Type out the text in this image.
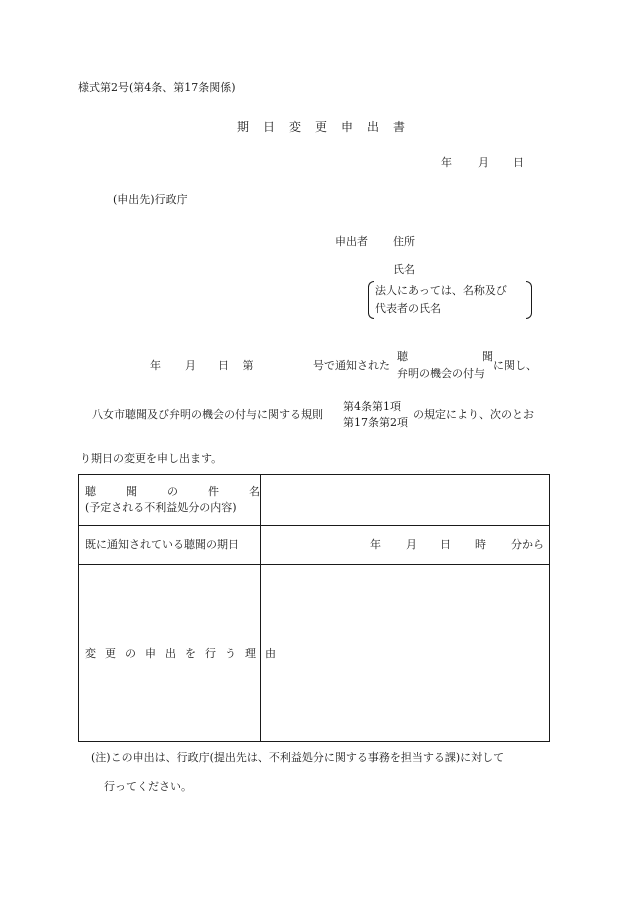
様式第2号(第4条、第17条関係)
期日変更申出書
年 月 日
(申出先)行政庁
申出者 住所
氏名
法人にあっては、名称及び
代表者の氏名
年 月 日 第	号で通知された
聴	聞
弁明の機会の付与
に関し、
八女市聴聞及び弁明の機会の付与に関する規則
第4条第1項
第17条第2項
の規定により、次のとお
り期日の変更を申し出ます。
聴聞の件名
(予定される不利益処分の内容)
既に通知されている聴聞の期日	年 月 日 時 分から
変更の申出を行う理由
(注)この申出は、行政庁(提出先は、不利益処分に関する事務を担当する課)に対して
行ってください。
